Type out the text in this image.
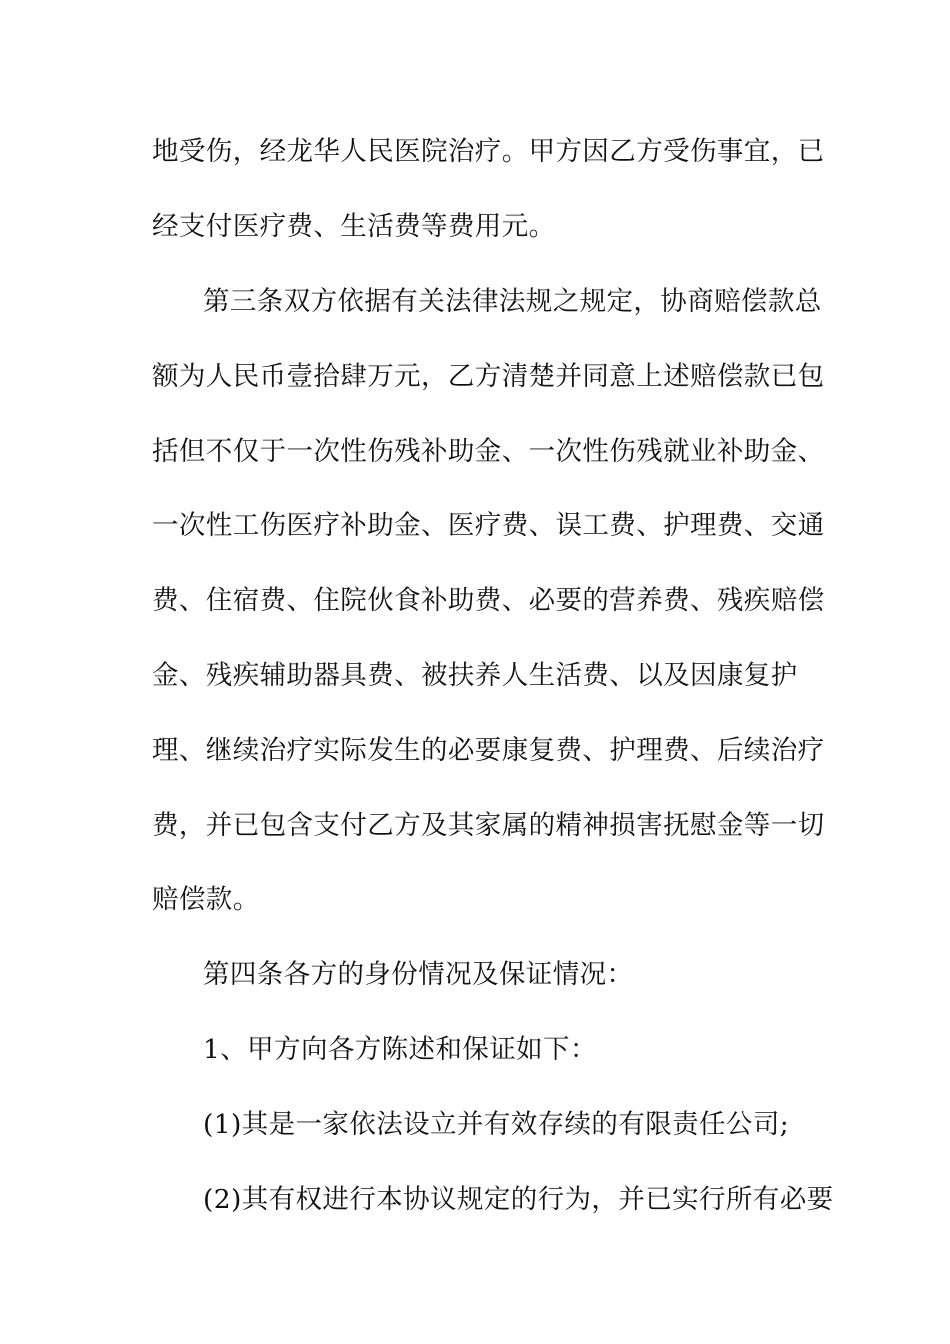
地受伤，经龙华人民医院治疗。甲方因乙方受伤事宜，已
经支付医疗费、生活费等费用元。
第三条双方依据有关法律法规之规定，协商赔偿款总
额为人民币壹拾肆万元，乙方清楚并同意上述赔偿款已包
括但不仅于一次性伤残补助金、一次性伤残就业补助金、
一次性工伤医疗补助金、医疗费、误工费、护理费、交通
费、住宿费、住院伙食补助费、必要的营养费、残疾赔偿
金、残疾辅助器具费、被扶养人生活费、以及因康复护
理、继续治疗实际发生的必要康复费、护理费、后续治疗
费，并已包含支付乙方及其家属的精神损害抚慰金等一切
赔偿款。
第四条各方的身份情况及保证情况：
1、甲方向各方陈述和保证如下：
(1)其是一家依法设立并有效存续的有限责任公司;
(2)其有权进行本协议规定的行为，并已实行所有必要
